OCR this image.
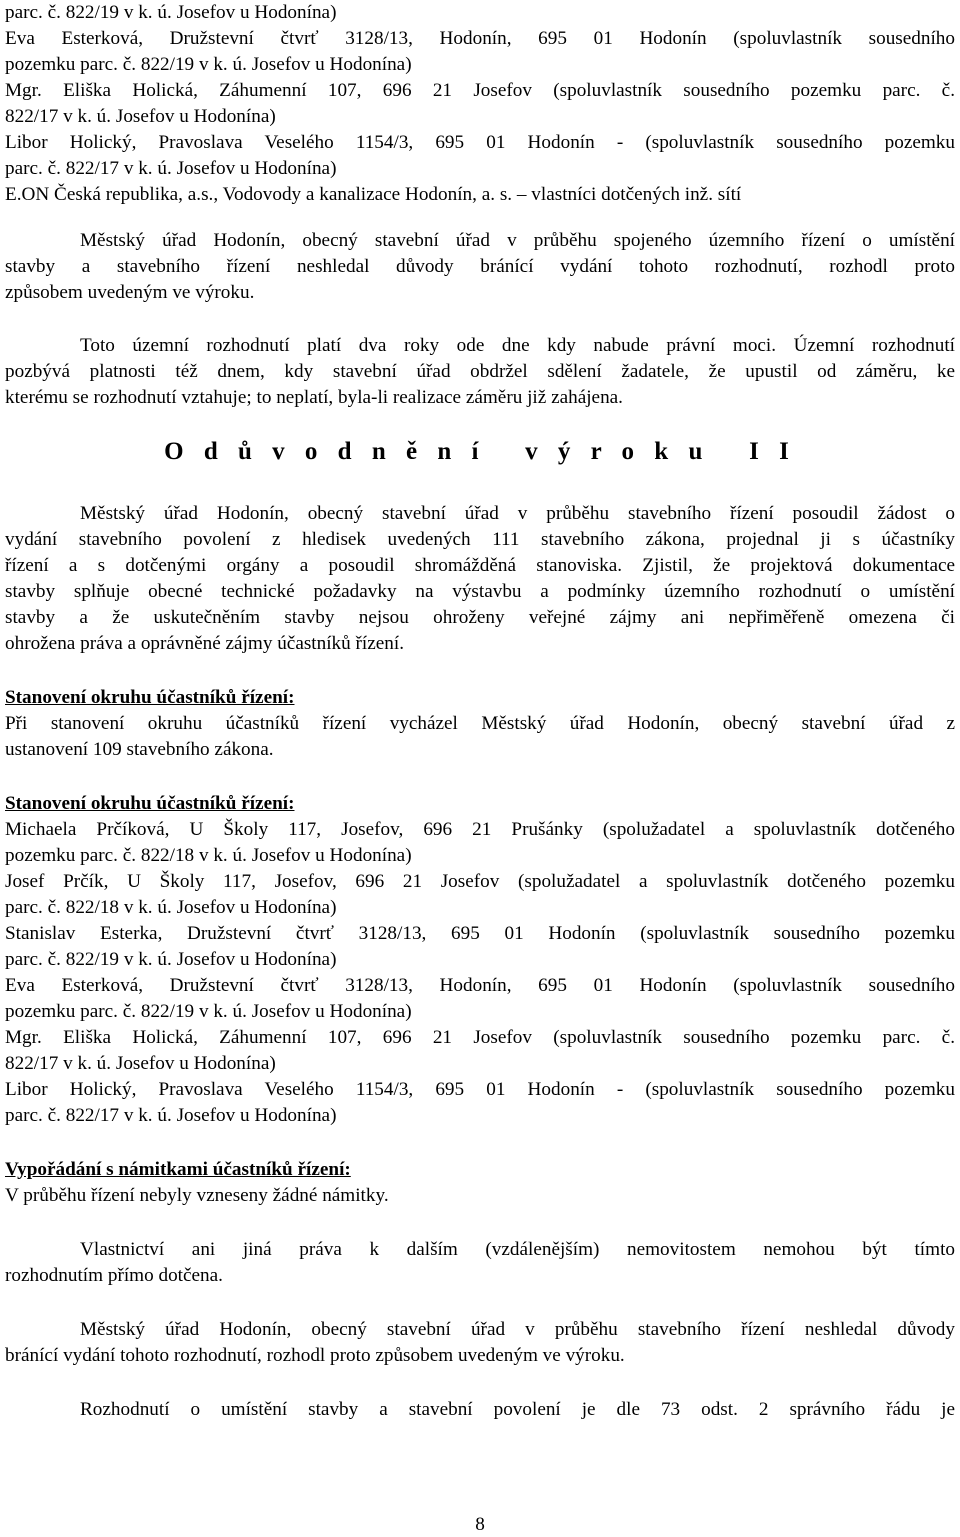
parc. č. 822/19 v k. ú. Josefov u Hodonína)
Eva Esterková, Družstevní čtvrť 3128/13, Hodonín, 695 01 Hodonín (spoluvlastník sousedního
pozemku parc. č. 822/19 v k. ú. Josefov u Hodonína)
Mgr. Eliška Holická, Záhumenní 107, 696 21 Josefov (spoluvlastník sousedního pozemku parc. č.
822/17 v k. ú. Josefov u Hodonína)
Libor Holický, Pravoslava Veselého 1154/3, 695 01 Hodonín - (spoluvlastník sousedního pozemku
parc. č. 822/17 v k. ú. Josefov u Hodonína)
E.ON Česká republika, a.s., Vodovody a kanalizace Hodonín, a. s. – vlastníci dotčených inž. sítí
Městský úřad Hodonín, obecný stavební úřad v průběhu spojeného územního řízení o umístění
stavby a stavebního řízení neshledal důvody bránící vydání tohoto rozhodnutí, rozhodl proto
způsobem uvedeným ve výroku.
Toto územní rozhodnutí platí dva roky ode dne kdy nabude právní moci. Územní rozhodnutí
pozbývá platnosti též dnem, kdy stavební úřad obdržel sdělení žadatele, že upustil od záměru, ke
kterému se rozhodnutí vztahuje; to neplatí, byla-li realizace záměru již zahájena.
O d ů v o d n ě n í   v ý r o k u   I I
Městský úřad Hodonín, obecný stavební úřad v průběhu stavebního řízení posoudil žádost o
vydání stavebního povolení z hledisek uvedených 111 stavebního zákona, projednal ji s účastníky
řízení a s dotčenými orgány a posoudil shromážděná stanoviska. Zjistil, že projektová dokumentace
stavby splňuje obecné technické požadavky na výstavbu a podmínky územního rozhodnutí o umístění
stavby a že uskutečněním stavby nejsou ohroženy veřejné zájmy ani nepřiměřeně omezena či
ohrožena práva a oprávněné zájmy účastníků řízení.
Stanovení okruhu účastníků řízení:
Při stanovení okruhu účastníků řízení vycházel Městský úřad Hodonín, obecný stavební úřad z
ustanovení 109 stavebního zákona.
Stanovení okruhu účastníků řízení:
Michaela Prčíková, U Školy 117, Josefov, 696 21 Prušánky (spolužadatel a spoluvlastník dotčeného
pozemku parc. č. 822/18 v k. ú. Josefov u Hodonína)
Josef Prčík, U Školy 117, Josefov, 696 21 Josefov (spolužadatel a spoluvlastník dotčeného pozemku
parc. č. 822/18 v k. ú. Josefov u Hodonína)
Stanislav Esterka, Družstevní čtvrť 3128/13, 695 01 Hodonín (spoluvlastník sousedního pozemku
parc. č. 822/19 v k. ú. Josefov u Hodonína)
Eva Esterková, Družstevní čtvrť 3128/13, Hodonín, 695 01 Hodonín (spoluvlastník sousedního
pozemku parc. č. 822/19 v k. ú. Josefov u Hodonína)
Mgr. Eliška Holická, Záhumenní 107, 696 21 Josefov (spoluvlastník sousedního pozemku parc. č.
822/17 v k. ú. Josefov u Hodonína)
Libor Holický, Pravoslava Veselého 1154/3, 695 01 Hodonín - (spoluvlastník sousedního pozemku
parc. č. 822/17 v k. ú. Josefov u Hodonína)
Vypořádání s námitkami účastníků řízení:
V průběhu řízení nebyly vzneseny žádné námitky.
Vlastnictví ani jiná práva k dalším (vzdálenějším) nemovitostem nemohou být tímto
rozhodnutím přímo dotčena.
Městský úřad Hodonín, obecný stavební úřad v průběhu stavebního řízení neshledal důvody
bránící vydání tohoto rozhodnutí, rozhodl proto způsobem uvedeným ve výroku.
Rozhodnutí o umístění stavby a stavební povolení je dle 73 odst. 2 správního řádu je
8
